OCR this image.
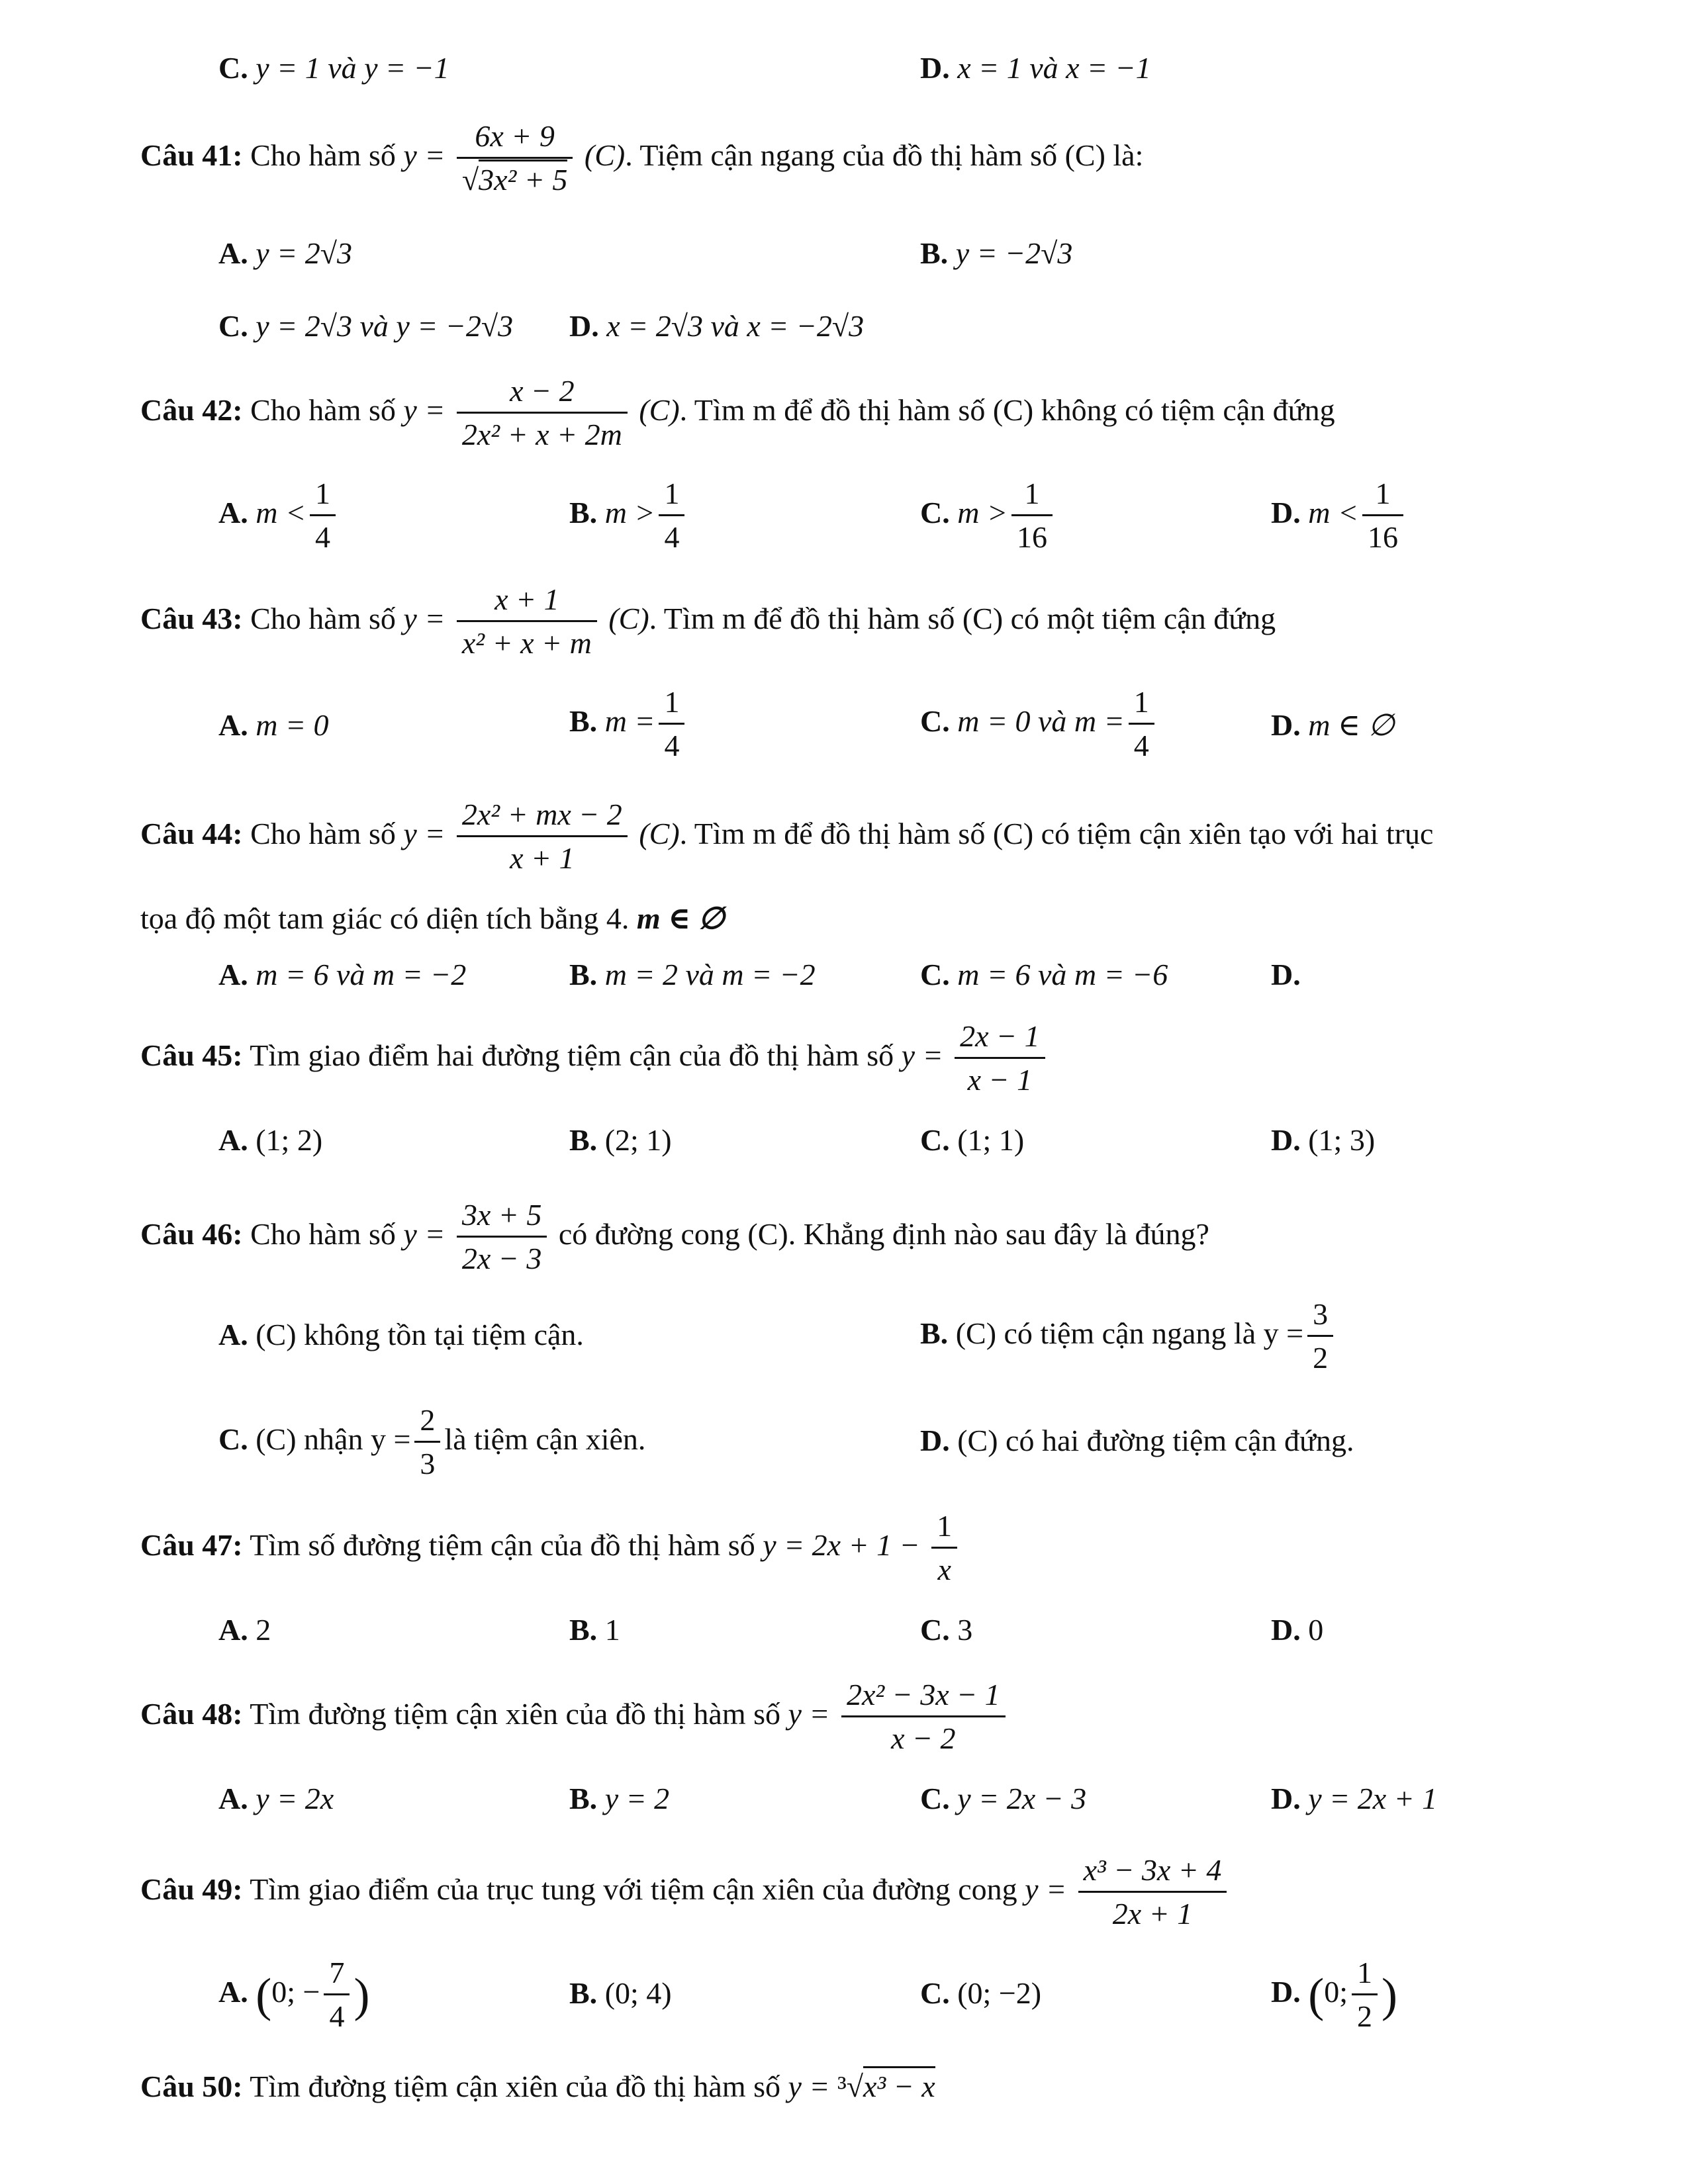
C. y = 1 và y = −1	D. x = 1 và x = −1
Câu 41: Cho hàm số $y = \frac{6x + 9}{\text{√3x² + 5}} (C)$. Tiệm cận ngang của đồ thị hàm số (C) là:
A. y = 2√3	B. y = −2√3
C. y = 2√3 và y = −2√3 D. x = 2√3 và x = −2√3
Câu 42: Cho hàm số $y = \frac{x - 2}{\text{2x² + x + 2m}} (C)$. Tìm m để đồ thị hàm số (C) không có tiệm cận đứng
A. $m < \frac{1}{4}$	B. $m > \frac{1}{4}$	C. $m > \frac{1}{16}$	D. $m < \frac{1}{16}$
Câu 43: Cho hàm số $y = \frac{x + 1}{\text{x² + x + m}} (C)$. Tìm m để đồ thị hàm số (C) có một tiệm cận đứng
A. m = 0	B. $m = \frac{1}{4}$	C. m = 0 và $m = \frac{1}{4}$	D. m ∈ ∅
Câu 44: Cho hàm số $y = \frac{\text{2x² + mx − 2}}{x + 1} (C)$. Tìm m để đồ thị hàm số (C) có tiệm cận xiên tạo với hai trục
tọa độ một tam giác có diện tích bằng 4. m ∈ ∅
A. m = 6 và m = −2	B. m = 2 và m = −2	C. m = 6 và m = −6	D.
Câu 45: Tìm giao điểm hai đường tiệm cận của đồ thị hàm số $y = \frac{2x - 1}{x - 1}$
A. (1; 2)	B. (2; 1)	C. (1; 1)	D. (1; 3)
Câu 46: Cho hàm số $y = \frac{3x + 5}{2x - 3}$ có đường cong (C). Khẳng định nào sau đây là đúng?
A. (C) không tồn tại tiệm cận.	B. (C) có tiệm cận ngang là $y = \frac{3}{2}$
C. (C) nhận $y = \frac{2}{3}$ là tiệm cận xiên.	D. (C) có hai đường tiệm cận đứng.
Câu 47: Tìm số đường tiệm cận của đồ thị hàm số $y = 2x + 1 - \frac{1}{x}$
A. 2	B. 1	C. 3	D. 0
Câu 48: Tìm đường tiệm cận xiên của đồ thị hàm số $y = \frac{\text{2x² − 3x − 1}}{x - 2}$
A. y = 2x	B. y = 2	C. y = 2x − 3	D. y = 2x + 1
Câu 49: Tìm giao điểm của trục tung với tiệm cận xiên của đường cong $y = \frac{\text{x³ − 3x + 4}}{2x + 1}$
A. (0; − $\frac{7}{4}$ )	B. (0; 4)	C. (0; −2)	D. (0; $\frac{1}{2}$ )
Câu 50: Tìm đường tiệm cận xiên của đồ thị hàm số y = ³√x³ − x
